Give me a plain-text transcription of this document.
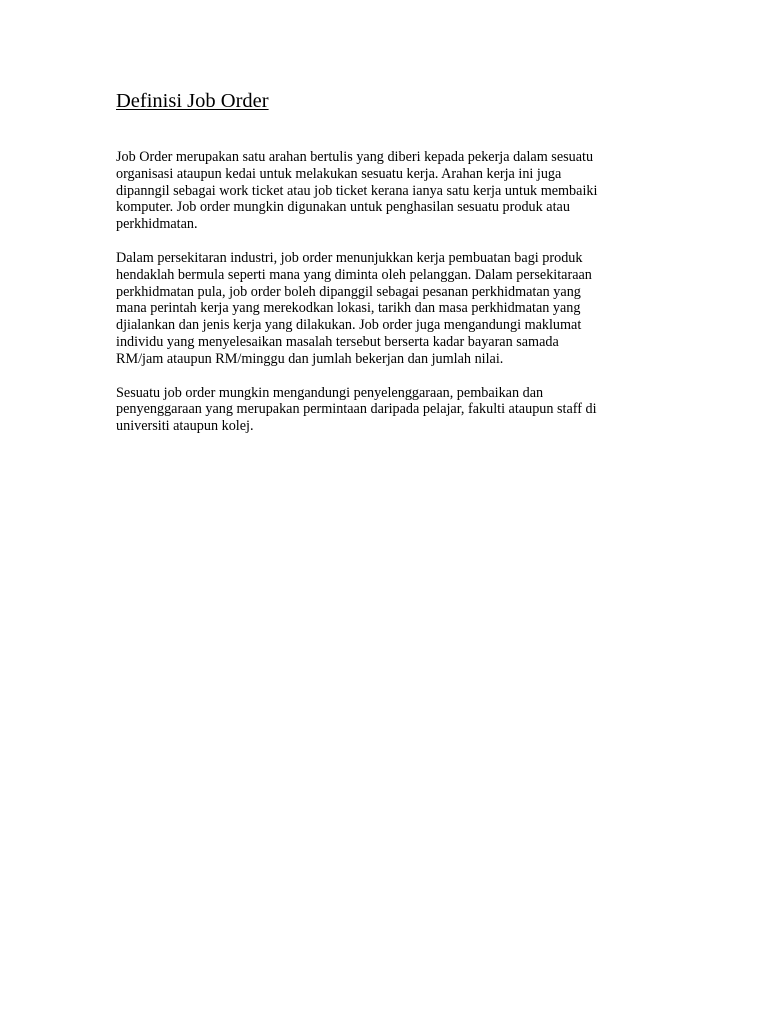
Definisi Job Order

Job Order merupakan satu arahan bertulis yang diberi kepada pekerja dalam sesuatu
organisasi ataupun kedai untuk melakukan sesuatu kerja. Arahan kerja ini juga
dipanngil sebagai work ticket atau job ticket kerana ianya satu kerja untuk membaiki
komputer. Job order mungkin digunakan untuk penghasilan sesuatu produk atau
perkhidmatan.

Dalam persekitaran industri, job order menunjukkan kerja pembuatan bagi produk
hendaklah bermula seperti mana yang diminta oleh pelanggan. Dalam persekitaraan
perkhidmatan pula, job order boleh dipanggil sebagai pesanan perkhidmatan yang
mana perintah kerja yang merekodkan lokasi, tarikh dan masa perkhidmatan yang
djialankan dan jenis kerja yang dilakukan. Job order juga mengandungi maklumat
individu yang menyelesaikan masalah tersebut berserta kadar bayaran samada
RM/jam ataupun RM/minggu dan jumlah bekerjan dan jumlah nilai.

Sesuatu job order mungkin mengandungi penyelenggaraan, pembaikan dan
penyenggaraan yang merupakan permintaan daripada pelajar, fakulti ataupun staff di
universiti ataupun kolej.
